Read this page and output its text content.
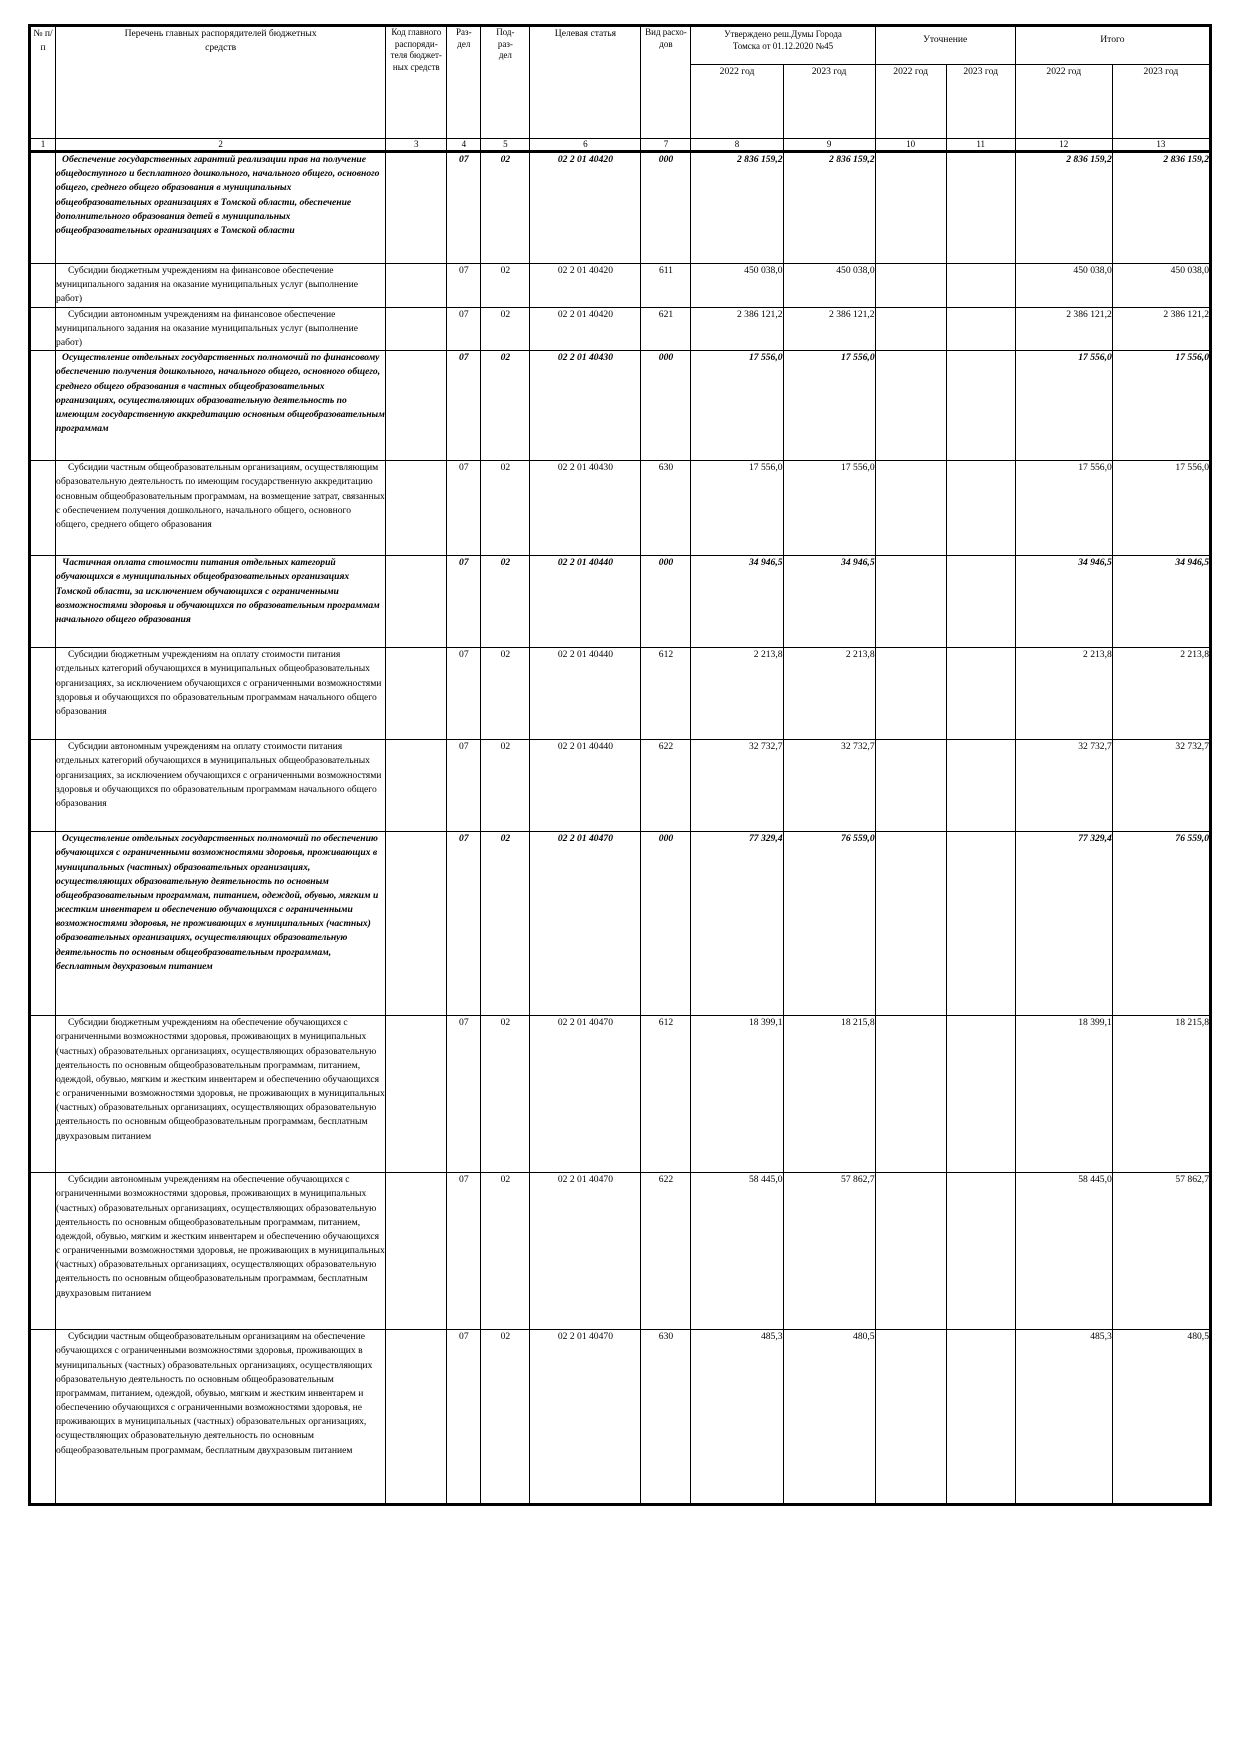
№ п/п	Перечень главных распорядителей бюджетных средств	Код главного распоряди-теля бюджет-ных средств	Раз-дел	Под-раз-дел	Целевая статья	Вид расхо-дов	Утверждено реш.Думы Города Томска от 01.12.2020 №45		Уточнение		Итого	
							2022 год	2023 год	2022 год	2023 год	2022 год	2023 год
1	2	3	4	5	6	7	8	9	10	11	12	13
	Обеспечение государственных гарантий реализации прав на получение общедоступного и бесплатного дошкольного, начального общего, основного общего, среднего общего образования в муниципальных общеобразовательных организациях в Томской области, обеспечение дополнительного образования детей в муниципальных общеобразовательных организациях в Томской области		07	02	02 2 01 40420	000	2 836 159,2	2 836 159,2			2 836 159,2	2 836 159,2
	Субсидии бюджетным учреждениям на финансовое обеспечение муниципального задания на оказание муниципальных услуг (выполнение работ)		07	02	02 2 01 40420	611	450 038,0	450 038,0			450 038,0	450 038,0
	Субсидии автономным учреждениям на финансовое обеспечение муниципального задания на оказание муниципальных услуг (выполнение работ)		07	02	02 2 01 40420	621	2 386 121,2	2 386 121,2			2 386 121,2	2 386 121,2
	Осуществление отдельных государственных полномочий по финансовому обеспечению получения дошкольного, начального общего, основного общего, среднего общего образования в частных общеобразовательных организациях, осуществляющих образовательную деятельность по имеющим государственную аккредитацию основным общеобразовательным программам		07	02	02 2 01 40430	000	17 556,0	17 556,0			17 556,0	17 556,0
	Субсидии частным общеобразовательным организациям, осуществляющим образовательную деятельность по имеющим государственную аккредитацию основным общеобразовательным программам, на возмещение затрат, связанных с обеспечением получения дошкольного, начального общего, основного общего, среднего общего образования		07	02	02 2 01 40430	630	17 556,0	17 556,0			17 556,0	17 556,0
	Частичная оплата стоимости питания отдельных категорий обучающихся в муниципальных общеобразовательных организациях Томской области, за исключением обучающихся с ограниченными возможностями здоровья и обучающихся по образовательным программам начального общего образования		07	02	02 2 01 40440	000	34 946,5	34 946,5			34 946,5	34 946,5
	Субсидии бюджетным учреждениям на оплату стоимости питания отдельных категорий обучающихся в муниципальных общеобразовательных организациях, за исключением обучающихся с ограниченными возможностями здоровья и обучающихся по образовательным программам начального общего образования		07	02	02 2 01 40440	612	2 213,8	2 213,8			2 213,8	2 213,8
	Субсидии автономным учреждениям на оплату стоимости питания отдельных категорий обучающихся в муниципальных общеобразовательных организациях, за исключением обучающихся с ограниченными возможностями здоровья и обучающихся по образовательным программам начального общего образования		07	02	02 2 01 40440	622	32 732,7	32 732,7			32 732,7	32 732,7
	Осуществление отдельных государственных полномочий по обеспечению обучающихся с ограниченными возможностями здоровья, проживающих в муниципальных (частных) образовательных организациях, осуществляющих образовательную деятельность по основным общеобразовательным программам, питанием, одеждой, обувью, мягким и жестким инвентарем и обеспечению обучающихся с ограниченными возможностями здоровья, не проживающих в муниципальных (частных) образовательных организациях, осуществляющих образовательную деятельность по основным общеобразовательным программам, бесплатным двухразовым питанием		07	02	02 2 01 40470	000	77 329,4	76 559,0			77 329,4	76 559,0
	Субсидии бюджетным учреждениям на обеспечение обучающихся с ограниченными возможностями здоровья, проживающих в муниципальных (частных) образовательных организациях, осуществляющих образовательную деятельность по основным общеобразовательным программам, питанием, одеждой, обувью, мягким и жестким инвентарем и обеспечению обучающихся с ограниченными возможностями здоровья, не проживающих в муниципальных (частных) образовательных организациях, осуществляющих образовательную деятельность по основным общеобразовательным программам, бесплатным двухразовым питанием		07	02	02 2 01 40470	612	18 399,1	18 215,8			18 399,1	18 215,8
	Субсидии автономным учреждениям на обеспечение обучающихся с ограниченными возможностями здоровья, проживающих в муниципальных (частных) образовательных организациях, осуществляющих образовательную деятельность по основным общеобразовательным программам, питанием, одеждой, обувью, мягким и жестким инвентарем и обеспечению обучающихся с ограниченными возможностями здоровья, не проживающих в муниципальных (частных) образовательных организациях, осуществляющих образовательную деятельность по основным общеобразовательным программам, бесплатным двухразовым питанием		07	02	02 2 01 40470	622	58 445,0	57 862,7			58 445,0	57 862,7
	Субсидии частным общеобразовательным организациям на обеспечение обучающихся с ограниченными возможностями здоровья, проживающих в муниципальных (частных) образовательных организациях, осуществляющих образовательную деятельность по основным общеобразовательным программам, питанием, одеждой, обувью, мягким и жестким инвентарем и обеспечению обучающихся с ограниченными возможностями здоровья, не проживающих в муниципальных (частных) образовательных организациях, осуществляющих образовательную деятельность по основным общеобразовательным программам, бесплатным двухразовым питанием		07	02	02 2 01 40470	630	485,3	480,5			485,3	480,5
